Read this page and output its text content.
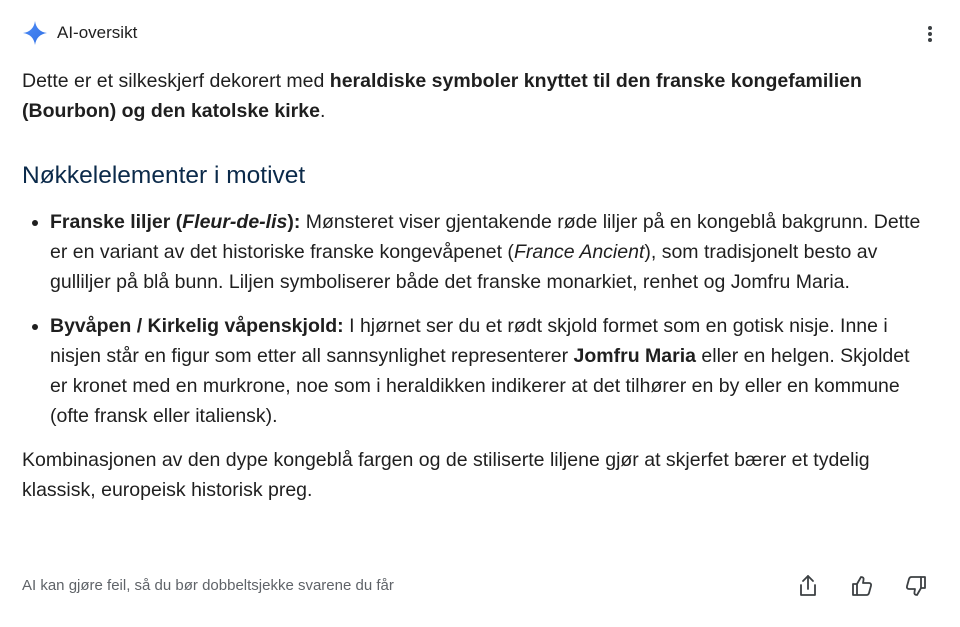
AI-oversikt

Dette er et silkeskjerf dekorert med heraldiske symboler knyttet til den franske kongefamilien (Bourbon) og den katolske kirke.

Nøkkelelementer i motivet
• Franske liljer (Fleur-de-lis): Mønsteret viser gjentakende røde liljer på en kongeblå bakgrunn. Dette er en variant av det historiske franske kongevåpenet (France Ancient), som tradisjonelt besto av gulliljer på blå bunn. Liljen symboliserer både det franske monarkiet, renhet og Jomfru Maria.
• Byvåpen / Kirkelig våpenskjold: I hjørnet ser du et rødt skjold formet som en gotisk nisje. Inne i nisjen står en figur som etter all sannsynlighet representerer Jomfru Maria eller en helgen. Skjoldet er kronet med en murkrone, noe som i heraldikken indikerer at det tilhører en by eller en kommune (ofte fransk eller italiensk).

Kombinasjonen av den dype kongeblå fargen og de stiliserte liljene gjør at skjerfet bærer et tydelig klassisk, europeisk historisk preg.

AI kan gjøre feil, så du bør dobbeltsjekke svarene du får
